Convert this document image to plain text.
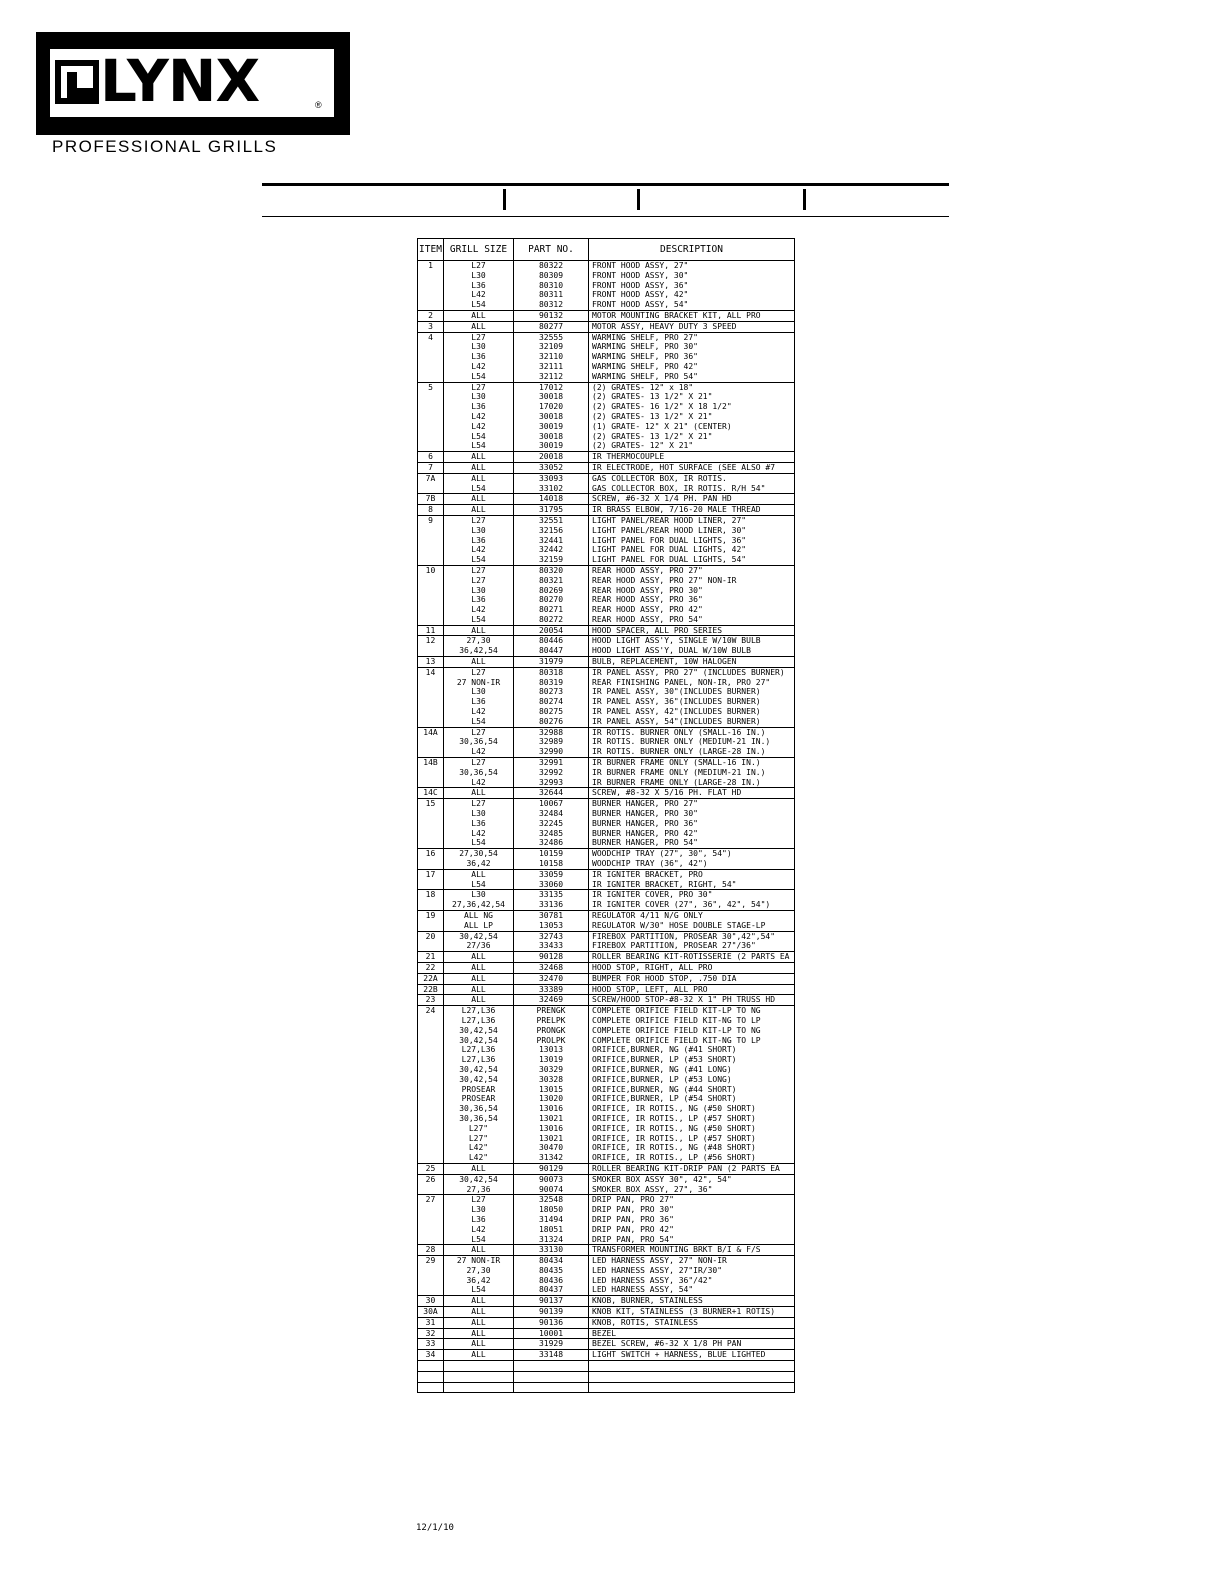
LYNX	®
PROFESSIONAL GRILLS
ITEM	GRILL SIZE	PART NO.	DESCRIPTION
1	L27	80322	FRONT HOOD ASSY, 27"
	L30	80309	FRONT HOOD ASSY, 30"
	L36	80310	FRONT HOOD ASSY, 36"
	L42	80311	FRONT HOOD ASSY, 42"
	L54	80312	FRONT HOOD ASSY, 54"
2	ALL	90132	MOTOR MOUNTING BRACKET KIT, ALL PRO
3	ALL	80277	MOTOR ASSY, HEAVY DUTY 3 SPEED
4	L27	32555	WARMING SHELF, PRO 27"
	L30	32109	WARMING SHELF, PRO 30"
	L36	32110	WARMING SHELF, PRO 36"
	L42	32111	WARMING SHELF, PRO 42"
	L54	32112	WARMING SHELF, PRO 54"
5	L27	17012	(2) GRATES- 12" x 18"
	L30	30018	(2) GRATES- 13 1/2" X 21"
	L36	17020	(2) GRATES- 16 1/2" X 18 1/2"
	L42	30018	(2) GRATES- 13 1/2" X 21"
	L42	30019	(1) GRATE- 12" X 21" (CENTER)
	L54	30018	(2) GRATES- 13 1/2" X 21"
	L54	30019	(2) GRATES- 12" X 21"
6	ALL	20018	IR THERMOCOUPLE
7	ALL	33052	IR ELECTRODE, HOT SURFACE (SEE ALSO #7
7A	ALL	33093	GAS COLLECTOR BOX, IR ROTIS.
	L54	33102	GAS COLLECTOR BOX, IR ROTIS. R/H 54"
7B	ALL	14018	SCREW, #6-32 X 1/4 PH. PAN HD
8	ALL	31795	IR BRASS ELBOW, 7/16-20 MALE THREAD
9	L27	32551	LIGHT PANEL/REAR HOOD LINER, 27"
	L30	32156	LIGHT PANEL/REAR HOOD LINER, 30"
	L36	32441	LIGHT PANEL FOR DUAL LIGHTS, 36"
	L42	32442	LIGHT PANEL FOR DUAL LIGHTS, 42"
	L54	32159	LIGHT PANEL FOR DUAL LIGHTS, 54"
10	L27	80320	REAR HOOD ASSY, PRO 27"
	L27	80321	REAR HOOD ASSY, PRO 27" NON-IR
	L30	80269	REAR HOOD ASSY, PRO 30"
	L36	80270	REAR HOOD ASSY, PRO 36"
	L42	80271	REAR HOOD ASSY, PRO 42"
	L54	80272	REAR HOOD ASSY, PRO 54"
11	ALL	20054	HOOD SPACER, ALL PRO SERIES
12	27,30	80446	HOOD LIGHT ASS'Y, SINGLE W/10W BULB
	36,42,54	80447	HOOD LIGHT ASS'Y, DUAL W/10W BULB
13	ALL	31979	BULB, REPLACEMENT, 10W HALOGEN
14	L27	80318	IR PANEL ASSY, PRO 27" (INCLUDES BURNER)
	27 NON-IR	80319	REAR FINISHING PANEL, NON-IR, PRO 27"
	L30	80273	IR PANEL ASSY, 30"(INCLUDES BURNER)
	L36	80274	IR PANEL ASSY, 36"(INCLUDES BURNER)
	L42	80275	IR PANEL ASSY, 42"(INCLUDES BURNER)
	L54	80276	IR PANEL ASSY, 54"(INCLUDES BURNER)
14A	L27	32988	IR ROTIS. BURNER ONLY (SMALL-16 IN.)
	30,36,54	32989	IR ROTIS. BURNER ONLY (MEDIUM-21 IN.)
	L42	32990	IR ROTIS. BURNER ONLY (LARGE-28 IN.)
14B	L27	32991	IR BURNER FRAME ONLY (SMALL-16 IN.)
	30,36,54	32992	IR BURNER FRAME ONLY (MEDIUM-21 IN.)
	L42	32993	IR BURNER FRAME ONLY (LARGE-28 IN.)
14C	ALL	32644	SCREW, #8-32 X 5/16 PH. FLAT HD
15	L27	10067	BURNER HANGER, PRO 27"
	L30	32484	BURNER HANGER, PRO 30"
	L36	32245	BURNER HANGER, PRO 36"
	L42	32485	BURNER HANGER, PRO 42"
	L54	32486	BURNER HANGER, PRO 54"
16	27,30,54	10159	WOODCHIP TRAY (27", 30", 54")
	36,42	10158	WOODCHIP TRAY (36", 42")
17	ALL	33059	IR IGNITER BRACKET, PRO
	L54	33060	IR IGNITER BRACKET, RIGHT, 54"
18	L30	33135	IR IGNITER COVER, PRO 30"
	27,36,42,54	33136	IR IGNITER COVER (27", 36", 42", 54")
19	ALL NG	30781	REGULATOR 4/11 N/G ONLY
	ALL LP	13053	REGULATOR W/30" HOSE DOUBLE STAGE-LP
20	30,42,54	32743	FIREBOX PARTITION, PROSEAR 30",42",54"
	27/36	33433	FIREBOX PARTITION, PROSEAR 27"/36"
21	ALL	90128	ROLLER BEARING KIT-ROTISSERIE (2 PARTS EA
22	ALL	32468	HOOD STOP, RIGHT, ALL PRO
22A	ALL	32470	BUMPER FOR HOOD STOP, .750 DIA
22B	ALL	33389	HOOD STOP, LEFT, ALL PRO
23	ALL	32469	SCREW/HOOD STOP-#8-32 X 1" PH TRUSS HD
24	L27,L36	PRENGK	COMPLETE ORIFICE FIELD KIT-LP TO NG
	L27,L36	PRELPK	COMPLETE ORIFICE FIELD KIT-NG TO LP
	30,42,54	PRONGK	COMPLETE ORIFICE FIELD KIT-LP TO NG
	30,42,54	PROLPK	COMPLETE ORIFICE FIELD KIT-NG TO LP
	L27,L36	13013	ORIFICE,BURNER, NG (#41 SHORT)
	L27,L36	13019	ORIFICE,BURNER, LP (#53 SHORT)
	30,42,54	30329	ORIFICE,BURNER, NG (#41 LONG)
	30,42,54	30328	ORIFICE,BURNER, LP (#53 LONG)
	PROSEAR	13015	ORIFICE,BURNER, NG (#44 SHORT)
	PROSEAR	13020	ORIFICE,BURNER, LP (#54 SHORT)
	30,36,54	13016	ORIFICE, IR ROTIS., NG (#50 SHORT)
	30,36,54	13021	ORIFICE, IR ROTIS., LP (#57 SHORT)
	L27"	13016	ORIFICE, IR ROTIS., NG (#50 SHORT)
	L27"	13021	ORIFICE, IR ROTIS., LP (#57 SHORT)
	L42"	30470	ORIFICE, IR ROTIS., NG (#48 SHORT)
	L42"	31342	ORIFICE, IR ROTIS., LP (#56 SHORT)
25	ALL	90129	ROLLER BEARING KIT-DRIP PAN (2 PARTS EA
26	30,42,54	90073	SMOKER BOX ASSY 30", 42", 54"
	27,36	90074	SMOKER BOX ASSY, 27", 36"
27	L27	32548	DRIP PAN, PRO 27"
	L30	18050	DRIP PAN, PRO 30"
	L36	31494	DRIP PAN, PRO 36"
	L42	18051	DRIP PAN, PRO 42"
	L54	31324	DRIP PAN, PRO 54"
28	ALL	33130	TRANSFORMER MOUNTING BRKT B/I & F/S
29	27 NON-IR	80434	LED HARNESS ASSY, 27" NON-IR
	27,30	80435	LED HARNESS ASSY, 27"IR/30"
	36,42	80436	LED HARNESS ASSY, 36"/42"
	L54	80437	LED HARNESS ASSY, 54"
30	ALL	90137	KNOB, BURNER, STAINLESS
30A	ALL	90139	KNOB KIT, STAINLESS (3 BURNER+1 ROTIS)
31	ALL	90136	KNOB, ROTIS, STAINLESS
32	ALL	10001	BEZEL
33	ALL	31929	BEZEL SCREW, #6-32 X 1/8 PH PAN
34	ALL	33148	LIGHT SWITCH + HARNESS, BLUE LIGHTED

12/1/10
